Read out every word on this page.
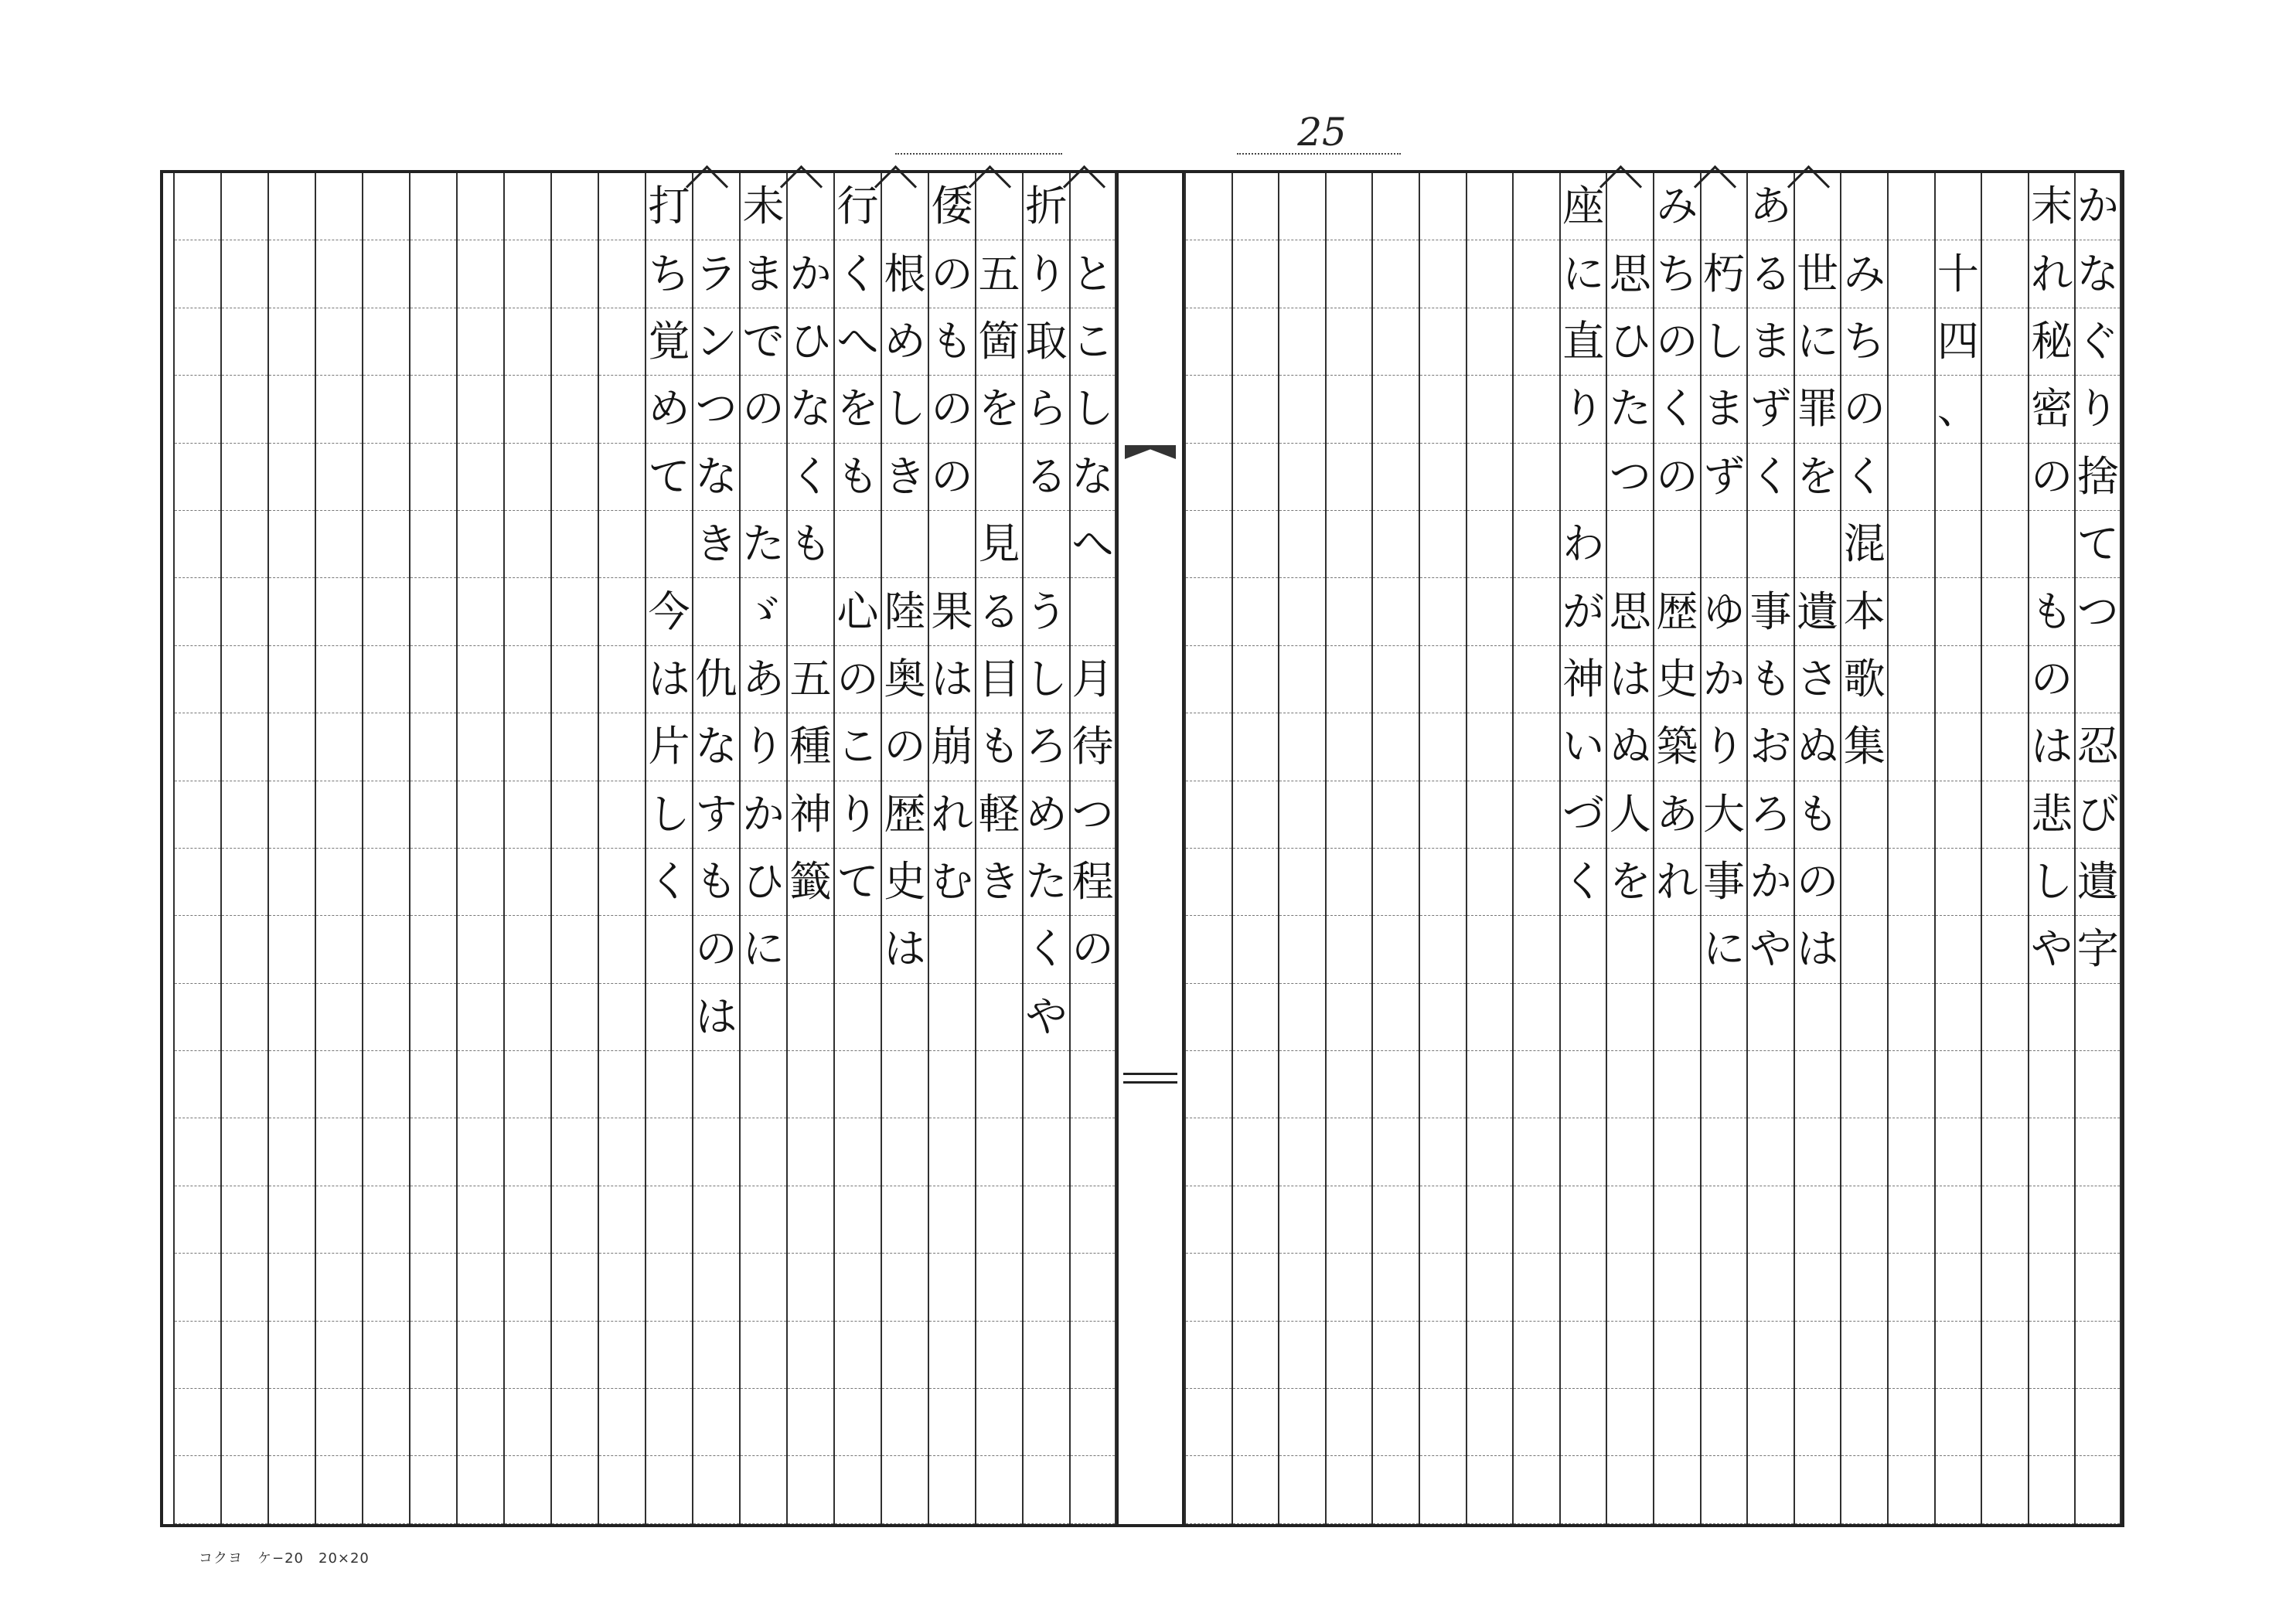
25
か
な
ぐ
り
捨
て
つ
忍
び
遺
字
末
れ
秘
密
の
も
の
は
悲
し
や
十
四
、
み
ち
の
く
混
本
歌
集
世
に
罪
を
遺
さ
ぬ
も
の
は
あ
る
ま
ず
く
事
も
お
ろ
か
や
朽
し
ま
ず
ゆ
か
り
大
事
に
み
ち
の
く
の
歴
史
築
あ
れ
思
ひ
た
つ
思
は
ぬ
人
を
座
に
直
り
わ
が
神
い
づ
く
と
こ
し
な
へ
月
待
つ
程
の
折
り
取
ら
る
う
し
ろ
め
た
く
や
五
箇
を
見
る
目
も
軽
き
倭
の
も
の
の
果
は
崩
れ
む
根
め
し
き
陸
奥
の
歴
史
は
行
く
へ
を
も
心
の
こ
り
て
か
ひ
な
く
も
五
種
神
籤
未
ま
で
の
た
ゞ
あ
り
か
ひ
に
ラ
ン
つ
な
き
仇
な
す
も
の
は
打
ち
覚
め
て
今
は
片
し
く
コクヨ　ケ−20　20×20
